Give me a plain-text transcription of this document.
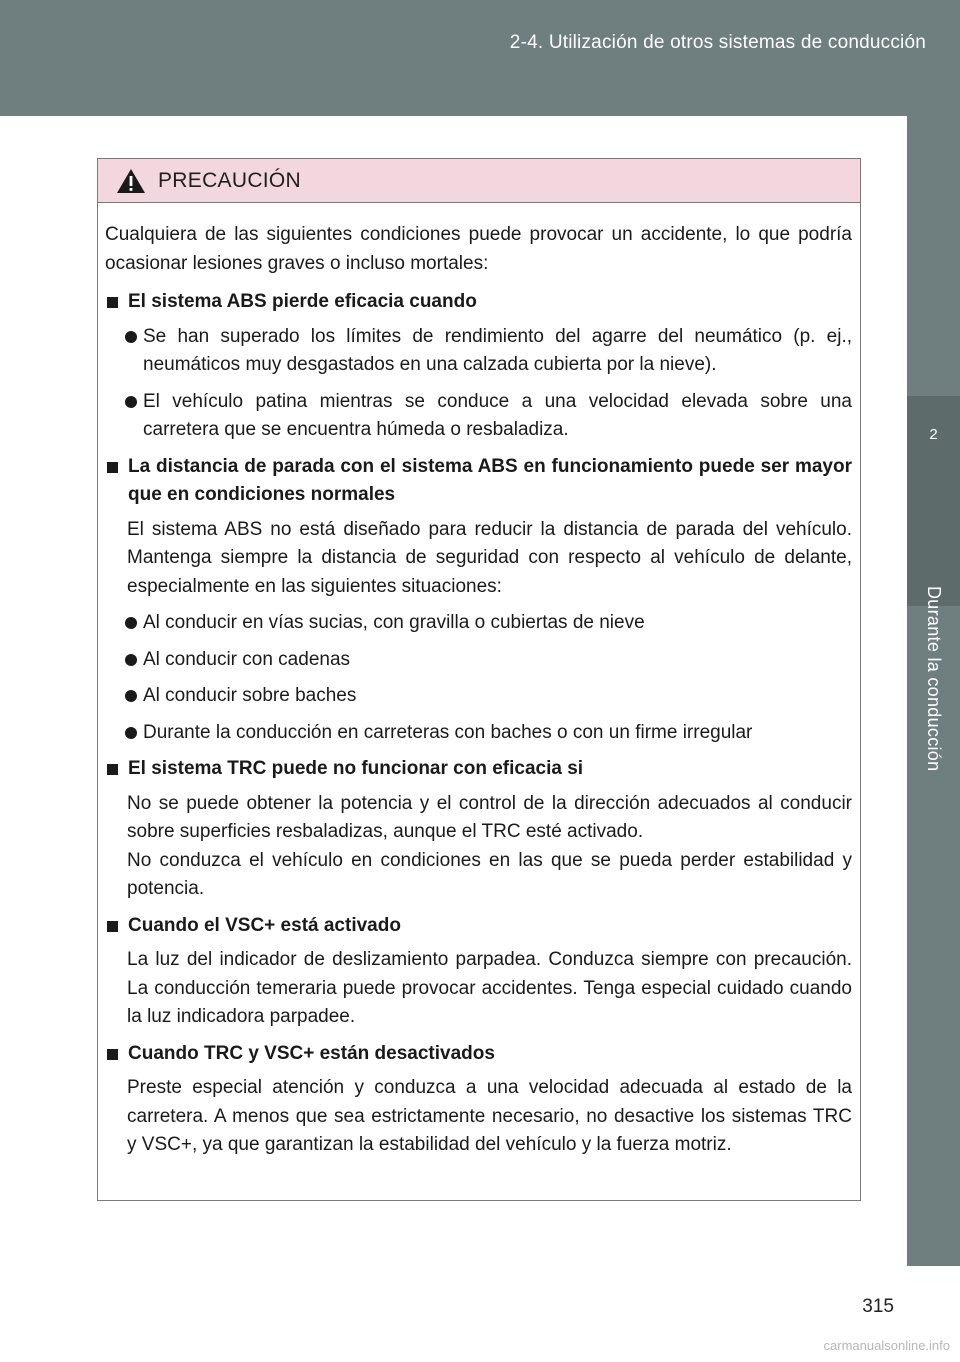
2-4. Utilización de otros sistemas de conducción
2
Durante la conducción
PRECAUCIÓN

Cualquiera de las siguientes condiciones puede provocar un accidente, lo que podría ocasionar lesiones graves o incluso mortales:

El sistema ABS pierde eficacia cuando

Se han superado los límites de rendimiento del agarre del neumático (p. ej., neumáticos muy desgastados en una calzada cubierta por la nieve).

El vehículo patina mientras se conduce a una velocidad elevada sobre una carretera que se encuentra húmeda o resbaladiza.

La distancia de parada con el sistema ABS en funcionamiento puede ser mayor que en condiciones normales

El sistema ABS no está diseñado para reducir la distancia de parada del vehículo. Mantenga siempre la distancia de seguridad con respecto al vehículo de delante, especialmente en las siguientes situaciones:

Al conducir en vías sucias, con gravilla o cubiertas de nieve

Al conducir con cadenas

Al conducir sobre baches

Durante la conducción en carreteras con baches o con un firme irregular

El sistema TRC puede no funcionar con eficacia si

No se puede obtener la potencia y el control de la dirección adecuados al conducir sobre superficies resbaladizas, aunque el TRC esté activado.

No conduzca el vehículo en condiciones en las que se pueda perder estabilidad y potencia.

Cuando el VSC+ está activado

La luz del indicador de deslizamiento parpadea. Conduzca siempre con precaución. La conducción temeraria puede provocar accidentes. Tenga especial cuidado cuando la luz indicadora parpadee.

Cuando TRC y VSC+ están desactivados

Preste especial atención y conduzca a una velocidad adecuada al estado de la carretera. A menos que sea estrictamente necesario, no desactive los sistemas TRC y VSC+, ya que garantizan la estabilidad del vehículo y la fuerza motriz.

315
carmanualsonline.info
